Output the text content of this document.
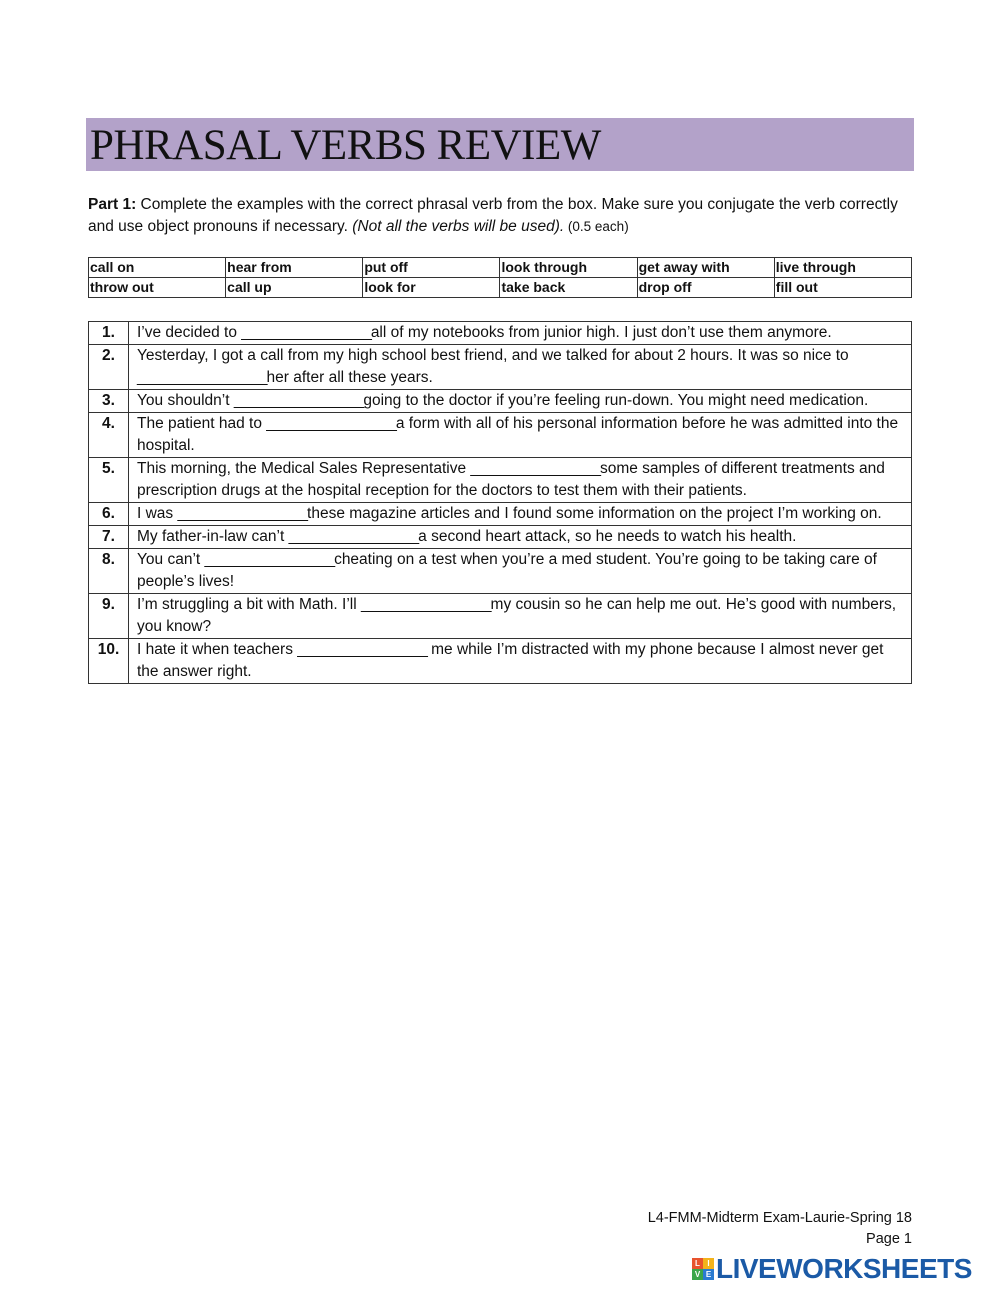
PHRASAL VERBS REVIEW
Part 1: Complete the examples with the correct phrasal verb from the box. Make sure you conjugate the verb correctly and use object pronouns if necessary. (Not all the verbs will be used). (0.5 each)
call on	hear from	put off	look through	get away with	live through
throw out	call up	look for	take back	drop off	fill out
1.	I’ve decided to _________________all of my notebooks from junior high. I just don’t use them anymore.
2.	Yesterday, I got a call from my high school best friend, and we talked for about 2 hours. It was so nice to _________________her after all these years.
3.	You shouldn’t _________________going to the doctor if you’re feeling run-down. You might need medication.
4.	The patient had to _________________a form with all of his personal information before he was admitted into the hospital.
5.	This morning, the Medical Sales Representative _________________some samples of different treatments and prescription drugs at the hospital reception for the doctors to test them with their patients.
6.	I was _________________these magazine articles and I found some information on the project I’m working on.
7.	My father-in-law can’t _________________a second heart attack, so he needs to watch his health.
8.	You can’t _________________cheating on a test when you’re a med student. You’re going to be taking care of people’s lives!
9.	I’m struggling a bit with Math. I’ll _________________my cousin so he can help me out. He’s good with numbers, you know?
10.	I hate it when teachers _________________ me while I’m distracted with my phone because I almost never get the answer right.
L4-FMM-Midterm Exam-Laurie-Spring 18
Page 1
L I
V E LIVEWORKSHEETS
